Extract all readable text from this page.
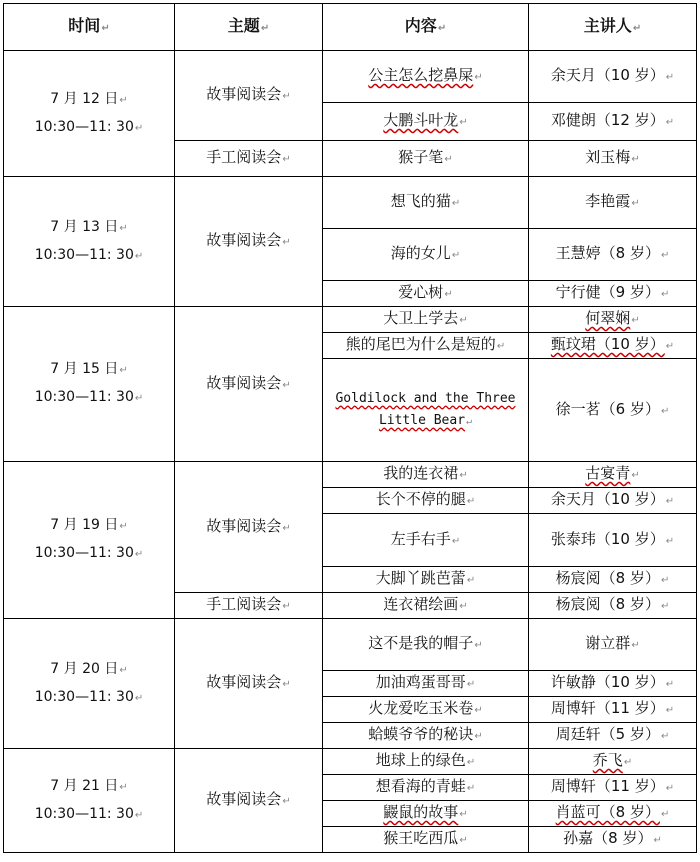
时间↵	主题↵	内容↵	主讲人↵

7 月 12 日↵
10:30—11: 30↵	故事阅读会↵	公主怎么挖鼻屎↵	余天月（10 岁）↵
		大鹏斗叶龙↵	邓健朗（12 岁）↵
	手工阅读会↵	猴子笔↵	刘玉梅↵

7 月 13 日↵
10:30—11: 30↵	故事阅读会↵	想飞的猫↵	李艳霞↵
		海的女儿↵	王慧婷（8 岁）↵
		爱心树↵	宁行健（9 岁）↵

7 月 15 日↵
10:30—11: 30↵	故事阅读会↵	大卫上学去↵	何翠娴↵
		熊的尾巴为什么是短的↵	甄玟珺（10 岁）↵
		Goldilock and the Three Little Bear↵	徐一茗（6 岁）↵

7 月 19 日↵
10:30—11: 30↵	故事阅读会↵	我的连衣裙↵	古宴青↵
		长个不停的腿↵	余天月（10 岁）↵
		左手右手↵	张泰玮（10 岁）↵
		大脚丫跳芭蕾↵	杨宸阅（8 岁）↵
	手工阅读会↵	连衣裙绘画↵	杨宸阅（8 岁）↵

7 月 20 日↵
10:30—11: 30↵	故事阅读会↵	这不是我的帽子↵	谢立群↵
		加油鸡蛋哥哥↵	许敏静（10 岁）↵
		火龙爱吃玉米卷↵	周博轩（11 岁）↵
		蛤蟆爷爷的秘诀↵	周廷轩（5 岁）↵

7 月 21 日↵
10:30—11: 30↵	故事阅读会↵	地球上的绿色↵	乔飞↵
		想看海的青蛙↵	周博轩（11 岁）↵
		鼹鼠的故事↵	肖蓝可（8 岁）↵
		猴王吃西瓜↵	孙嘉（8 岁）↵
